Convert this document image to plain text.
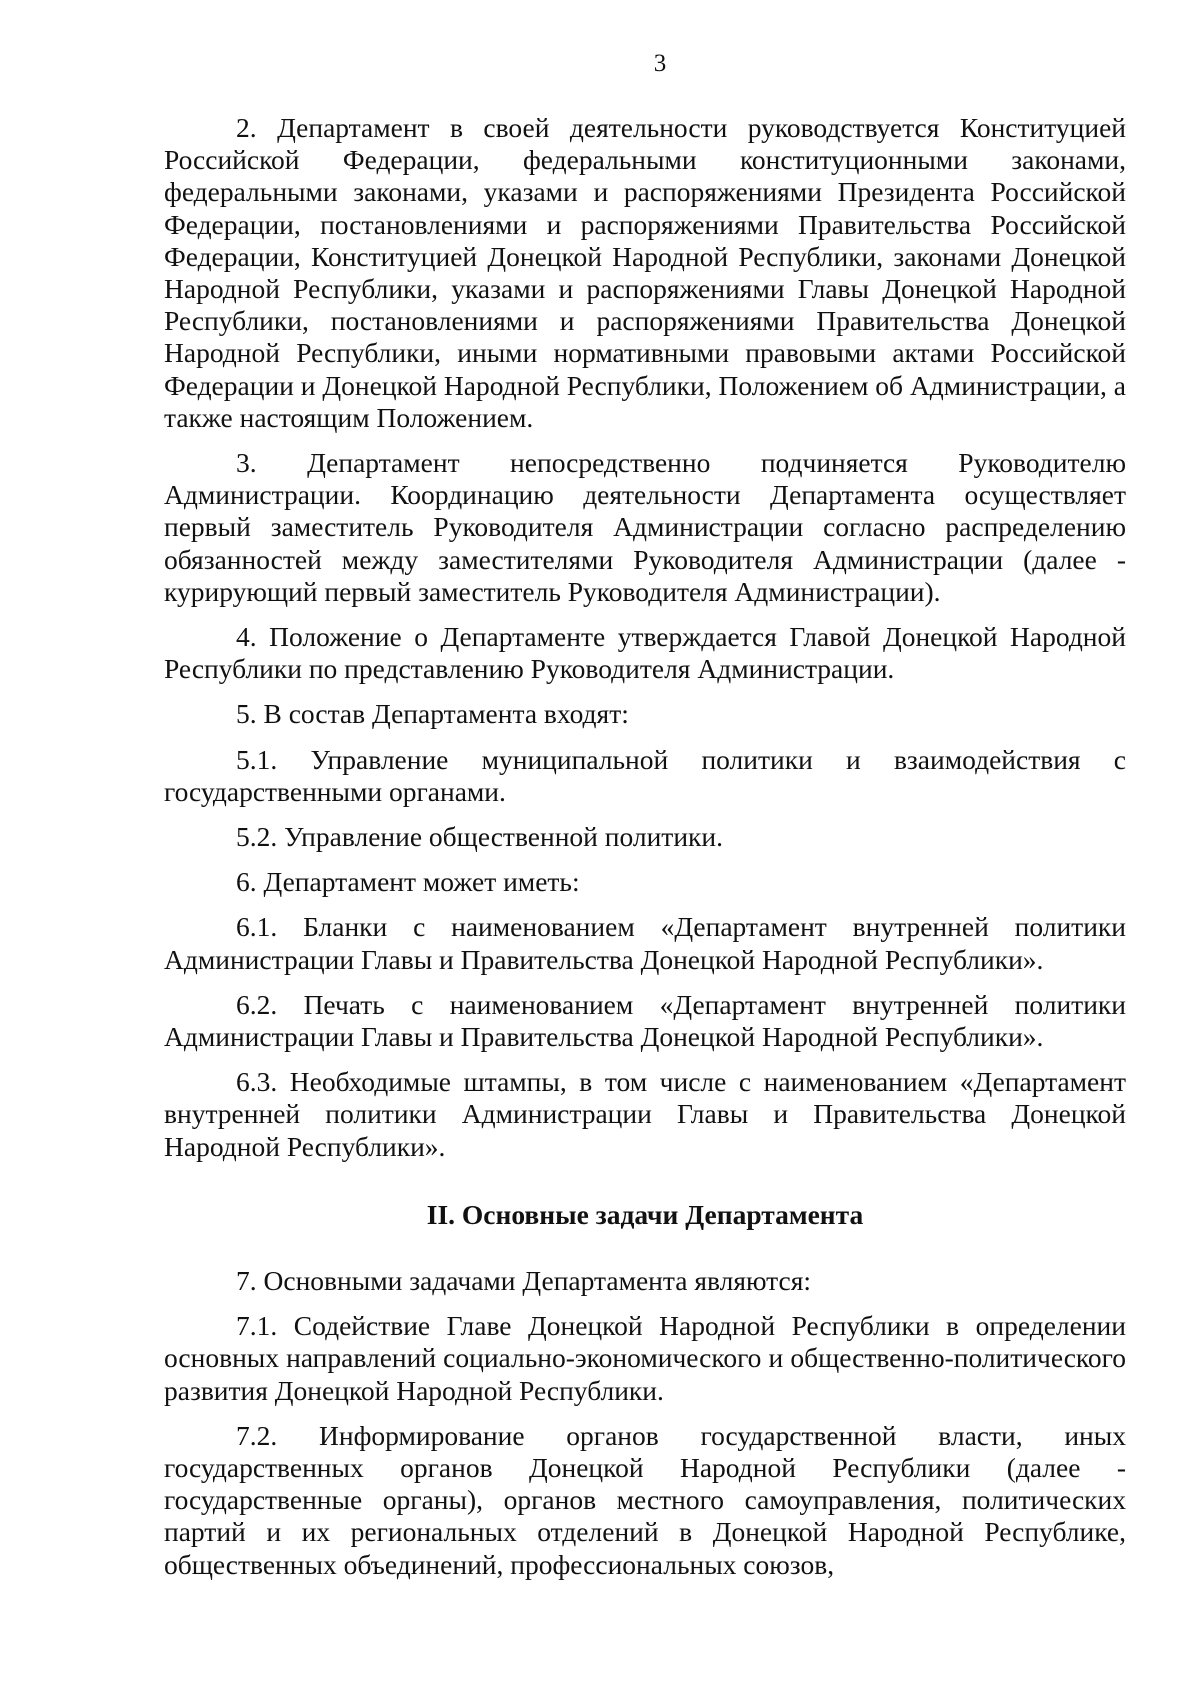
3

2. Департамент в своей деятельности руководствуется Конституцией Российской Федерации, федеральными конституционными законами, федеральными законами, указами и распоряжениями Президента Российской Федерации, постановлениями и распоряжениями Правительства Российской Федерации, Конституцией Донецкой Народной Республики, законами Донецкой Народной Республики, указами и распоряжениями Главы Донецкой Народной Республики, постановлениями и распоряжениями Правительства Донецкой Народной Республики, иными нормативными правовыми актами Российской Федерации и Донецкой Народной Республики, Положением об Администрации, а также настоящим Положением.

3. Департамент непосредственно подчиняется Руководителю Администрации. Координацию деятельности Департамента осуществляет первый заместитель Руководителя Администрации согласно распределению обязанностей между заместителями Руководителя Администрации (далее - курирующий первый заместитель Руководителя Администрации).

4. Положение о Департаменте утверждается Главой Донецкой Народной Республики по представлению Руководителя Администрации.

5. В состав Департамента входят:

5.1. Управление муниципальной политики и взаимодействия с государственными органами.

5.2. Управление общественной политики.

6. Департамент может иметь:

6.1. Бланки с наименованием «Департамент внутренней политики Администрации Главы и Правительства Донецкой Народной Республики».

6.2. Печать с наименованием «Департамент внутренней политики Администрации Главы и Правительства Донецкой Народной Республики».

6.3. Необходимые штампы, в том числе с наименованием «Департамент внутренней политики Администрации Главы и Правительства Донецкой Народной Республики».

II. Основные задачи Департамента

7. Основными задачами Департамента являются:

7.1. Содействие Главе Донецкой Народной Республики в определении основных направлений социально-экономического и общественно-политического развития Донецкой Народной Республики.

7.2. Информирование органов государственной власти, иных государственных органов Донецкой Народной Республики (далее - государственные органы), органов местного самоуправления, политических партий и их региональных отделений в Донецкой Народной Республике, общественных объединений, профессиональных союзов,
